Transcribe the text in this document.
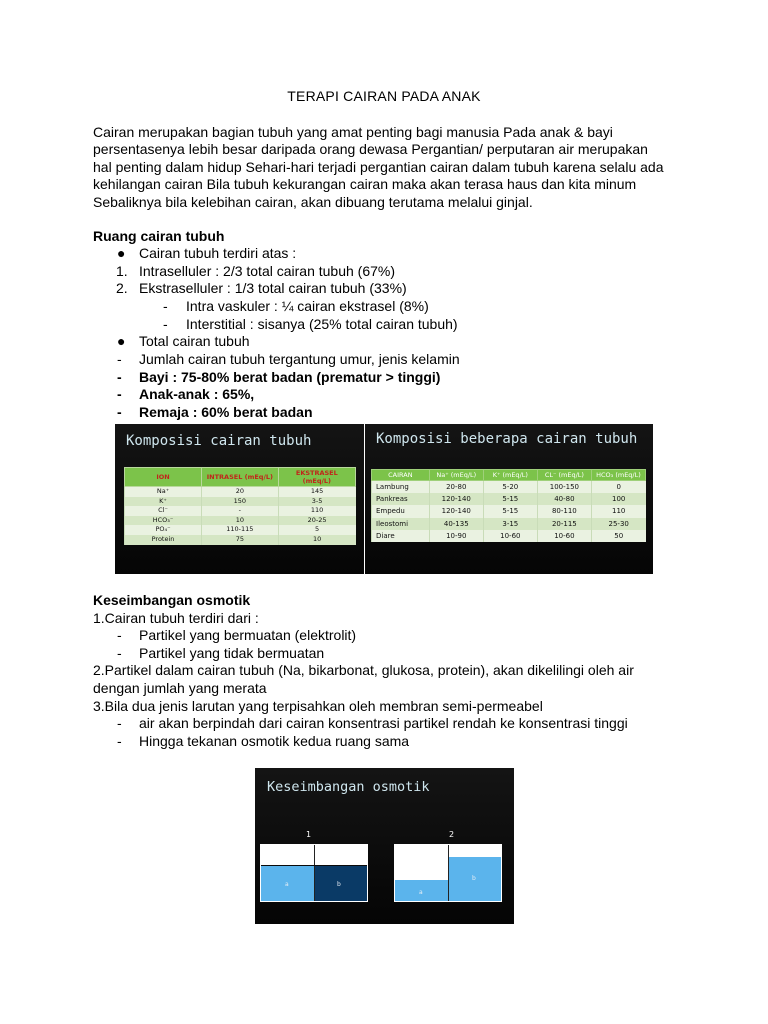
TERAPI CAIRAN PADA ANAK
Cairan merupakan bagian tubuh yang amat penting bagi manusia Pada anak & bayi
persentasenya lebih besar daripada orang dewasa Pergantian/ perputaran air merupakan
hal penting dalam hidup Sehari-hari terjadi pergantian cairan dalam tubuh karena selalu ada
kehilangan cairan Bila tubuh kekurangan cairan maka akan terasa haus dan kita minum
Sebaliknya bila kelebihan cairan, akan dibuang terutama melalui ginjal.
Ruang cairan tubuh
● Cairan tubuh terdiri atas :
1. Intraselluler : 2/3 total cairan tubuh (67%)
2. Ekstraselluler : 1/3 total cairan tubuh (33%)
- Intra vaskuler : ¼ cairan ekstrasel (8%)
- Interstitial : sisanya (25% total cairan tubuh)
● Total cairan tubuh
- Jumlah cairan tubuh tergantung umur, jenis kelamin
- Bayi : 75-80% berat badan (prematur > tinggi)
- Anak-anak : 65%,
- Remaja : 60% berat badan
Komposisi cairan tubuh
ION	INTRASEL (mEq/L)	EKSTRASEL (mEq/L)
Na⁺	20	145
K⁺	150	3-5
Cl⁻	-	110
HCO₃⁻	10	20-25
PO₄⁻	110-115	5
Protein	75	10
Komposisi beberapa cairan tubuh
CAIRAN	Na⁺ (mEq/L)	K⁺ (mEq/L)	CL⁻ (mEq/L)	HCO₃ (mEq/L)
Lambung	20-80	5-20	100-150	0
Pankreas	120-140	5-15	40-80	100
Empedu	120-140	5-15	80-110	110
Ileostomi	40-135	3-15	20-115	25-30
Diare	10-90	10-60	10-60	50
Keseimbangan osmotik
1.Cairan tubuh terdiri dari :
- Partikel yang bermuatan (elektrolit)
- Partikel yang tidak bermuatan
2.Partikel dalam cairan tubuh (Na, bikarbonat, glukosa, protein), akan dikelilingi oleh air
dengan jumlah yang merata
3.Bila dua jenis larutan yang terpisahkan oleh membran semi-permeabel
- air akan berpindah dari cairan konsentrasi partikel rendah ke konsentrasi tinggi
- Hingga tekanan osmotik kedua ruang sama
Keseimbangan osmotik
1	2
a	b
a
b
